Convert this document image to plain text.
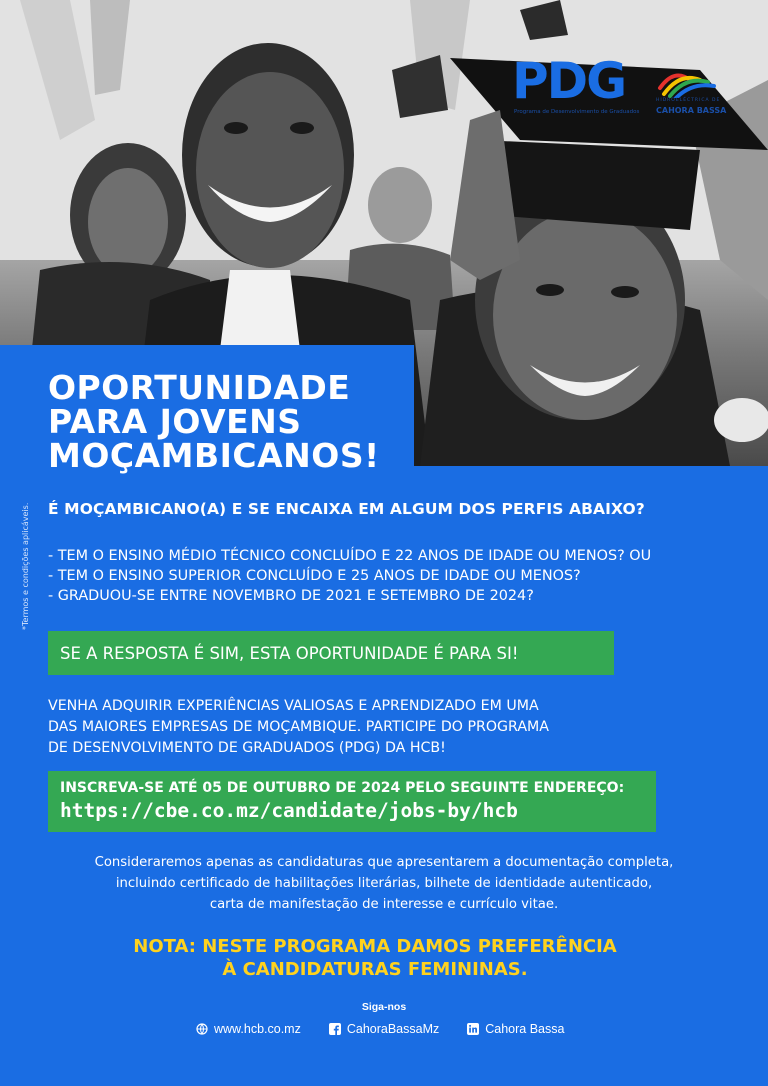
PDG
Programa de Desenvolvimento de Graduados
HIDROELÉCTRICA DE
CAHORA BASSA
OPORTUNIDADE
PARA JOVENS
MOÇAMBICANOS!

É MOÇAMBICANO(A) E SE ENCAIXA EM ALGUM DOS PERFIS ABAIXO?

- TEM O ENSINO MÉDIO TÉCNICO CONCLUÍDO E 22 ANOS DE IDADE OU MENOS? OU
- TEM O ENSINO SUPERIOR CONCLUÍDO E 25 ANOS DE IDADE OU MENOS?
- GRADUOU-SE ENTRE NOVEMBRO DE 2021 E SETEMBRO DE 2024?
*Termos e condições aplicáveis.
SE A RESPOSTA É SIM, ESTA OPORTUNIDADE É PARA SI!

VENHA ADQUIRIR EXPERIÊNCIAS VALIOSAS E APRENDIZADO EM UMA
DAS MAIORES EMPRESAS DE MOÇAMBIQUE. PARTICIPE DO PROGRAMA
DE DESENVOLVIMENTO DE GRADUADOS (PDG) DA HCB!

INSCREVA-SE ATÉ 05 DE OUTUBRO DE 2024 PELO SEGUINTE ENDEREÇO:
https://cbe.co.mz/candidate/jobs-by/hcb

Consideraremos apenas as candidaturas que apresentarem a documentação completa,
incluindo certificado de habilitações literárias, bilhete de identidade autenticado,
carta de manifestação de interesse e currículo vitae.

NOTA: NESTE PROGRAMA DAMOS PREFERÊNCIA
À CANDIDATURAS FEMININAS.

Siga-nos
www.hcb.co.mz	CahoraBassaMz	Cahora Bassa
